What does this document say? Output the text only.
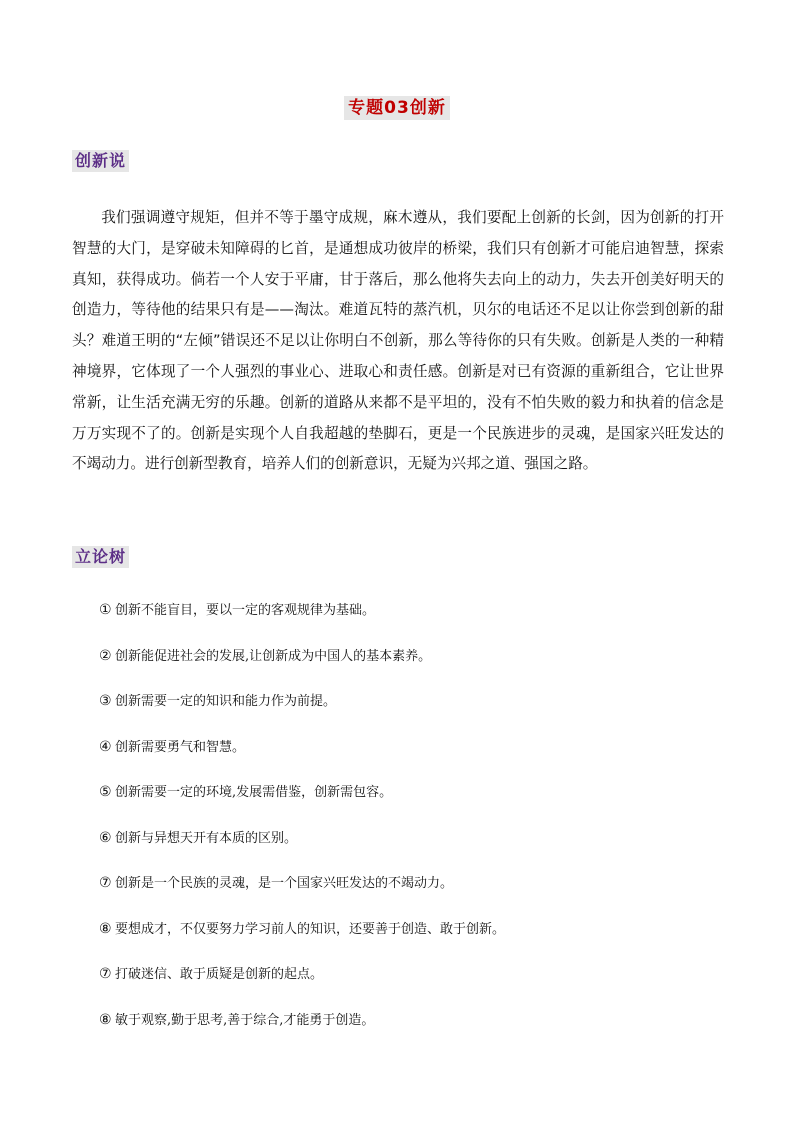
专题03创新
创新说

我们强调遵守规矩，但并不等于墨守成规，麻木遵从，我们要配上创新的长剑，因为创新的打开智慧的大门，是穿破未知障碍的匕首，是通想成功彼岸的桥梁，我们只有创新才可能启迪智慧，探索真知，获得成功。倘若一个人安于平庸，甘于落后，那么他将失去向上的动力，失去开创美好明天的创造力，等待他的结果只有是——淘汰。难道瓦特的蒸汽机，贝尔的电话还不足以让你尝到创新的甜头？难道王明的“左倾”错误还不足以让你明白不创新，那么等待你的只有失败。创新是人类的一种精神境界，它体现了一个人强烈的事业心、进取心和责任感。创新是对已有资源的重新组合，它让世界常新，让生活充满无穷的乐趣。创新的道路从来都不是平坦的，没有不怕失败的毅力和执着的信念是万万实现不了的。创新是实现个人自我超越的垫脚石，更是一个民族进步的灵魂，是国家兴旺发达的不竭动力。进行创新型教育，培养人们的创新意识，无疑为兴邦之道、强国之路。

立论树
① 创新不能盲目，要以一定的客观规律为基础。
② 创新能促进社会的发展,让创新成为中国人的基本素养。
③ 创新需要一定的知识和能力作为前提。
④ 创新需要勇气和智慧。
⑤ 创新需要一定的环境,发展需借鉴，创新需包容。
⑥ 创新与异想天开有本质的区别。
⑦ 创新是一个民族的灵魂，是一个国家兴旺发达的不竭动力。
⑧ 要想成才，不仅要努力学习前人的知识，还要善于创造、敢于创新。
⑦ 打破迷信、敢于质疑是创新的起点。
⑧ 敏于观察,勤于思考,善于综合,才能勇于创造。
